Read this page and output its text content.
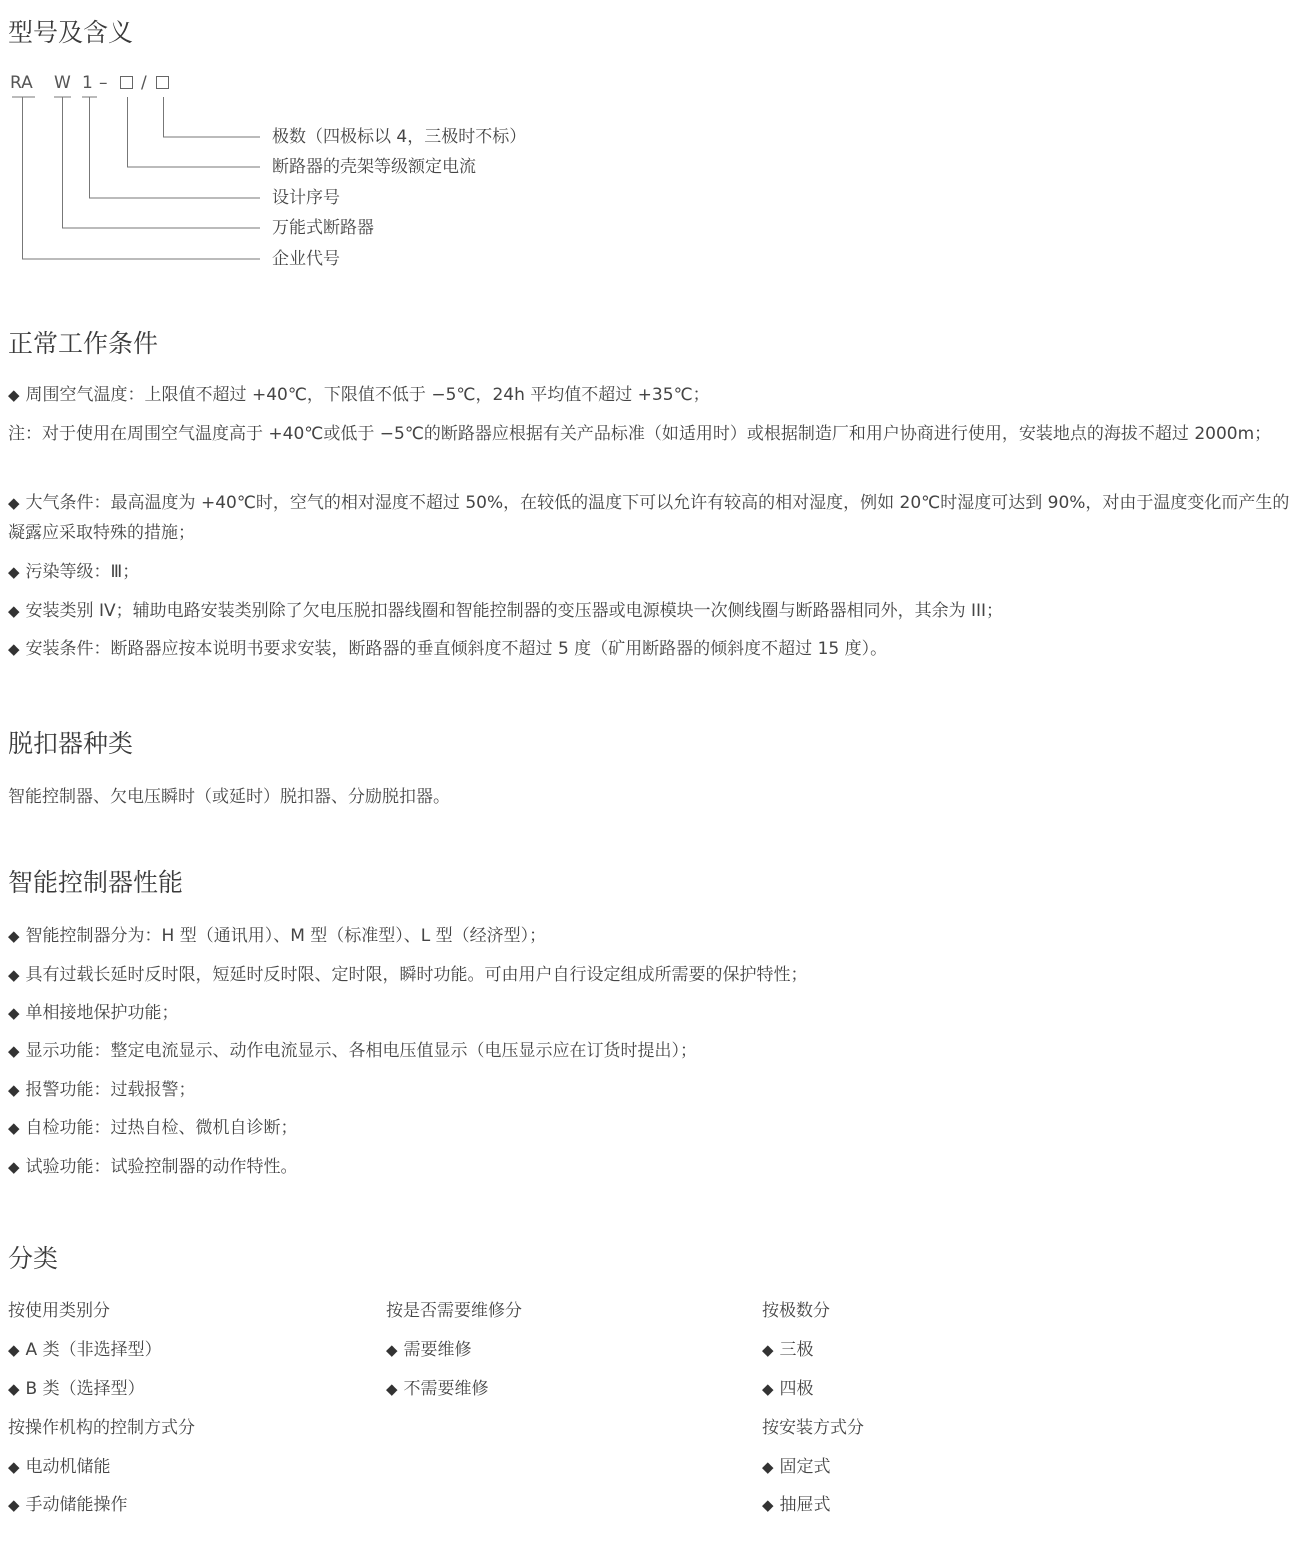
型号及含义
RA W 1 – /
极数（四极标以 4，三极时不标）
断路器的壳架等级额定电流
设计序号
万能式断路器
企业代号
正常工作条件

◆ 周围空气温度：上限值不超过 +40℃，下限值不低于 −5℃，24h 平均值不超过 +35℃；

注：对于使用在周围空气温度高于 +40℃或低于 −5℃的断路器应根据有关产品标准（如适用时）或根据制造厂和用户协商进行使用，安装地点的海拔不超过 2000m；

◆ 大气条件：最高温度为 +40℃时，空气的相对湿度不超过 50%，在较低的温度下可以允许有较高的相对湿度，例如 20℃时湿度可达到 90%，对由于温度变化而产生的凝露应采取特殊的措施；

◆ 污染等级：Ⅲ；

◆ 安装类别 IV；辅助电路安装类别除了欠电压脱扣器线圈和智能控制器的变压器或电源模块一次侧线圈与断路器相同外，其余为 III；

◆ 安装条件：断路器应按本说明书要求安装，断路器的垂直倾斜度不超过 5 度（矿用断路器的倾斜度不超过 15 度）。

脱扣器种类

智能控制器、欠电压瞬时（或延时）脱扣器、分励脱扣器。

智能控制器性能

◆ 智能控制器分为：H 型（通讯用）、M 型（标准型）、L 型（经济型）；

◆ 具有过载长延时反时限，短延时反时限、定时限，瞬时功能。可由用户自行设定组成所需要的保护特性；

◆ 单相接地保护功能；

◆ 显示功能：整定电流显示、动作电流显示、各相电压值显示（电压显示应在订货时提出）；

◆ 报警功能：过载报警；

◆ 自检功能：过热自检、微机自诊断；

◆ 试验功能：试验控制器的动作特性。

分类
按使用类别分
◆ A 类（非选择型）
◆ B 类（选择型）
按操作机构的控制方式分
◆ 电动机储能
◆ 手动储能操作
按是否需要维修分
◆ 需要维修
◆ 不需要维修
按极数分
◆ 三极
◆ 四极
按安装方式分
◆ 固定式
◆ 抽屉式
